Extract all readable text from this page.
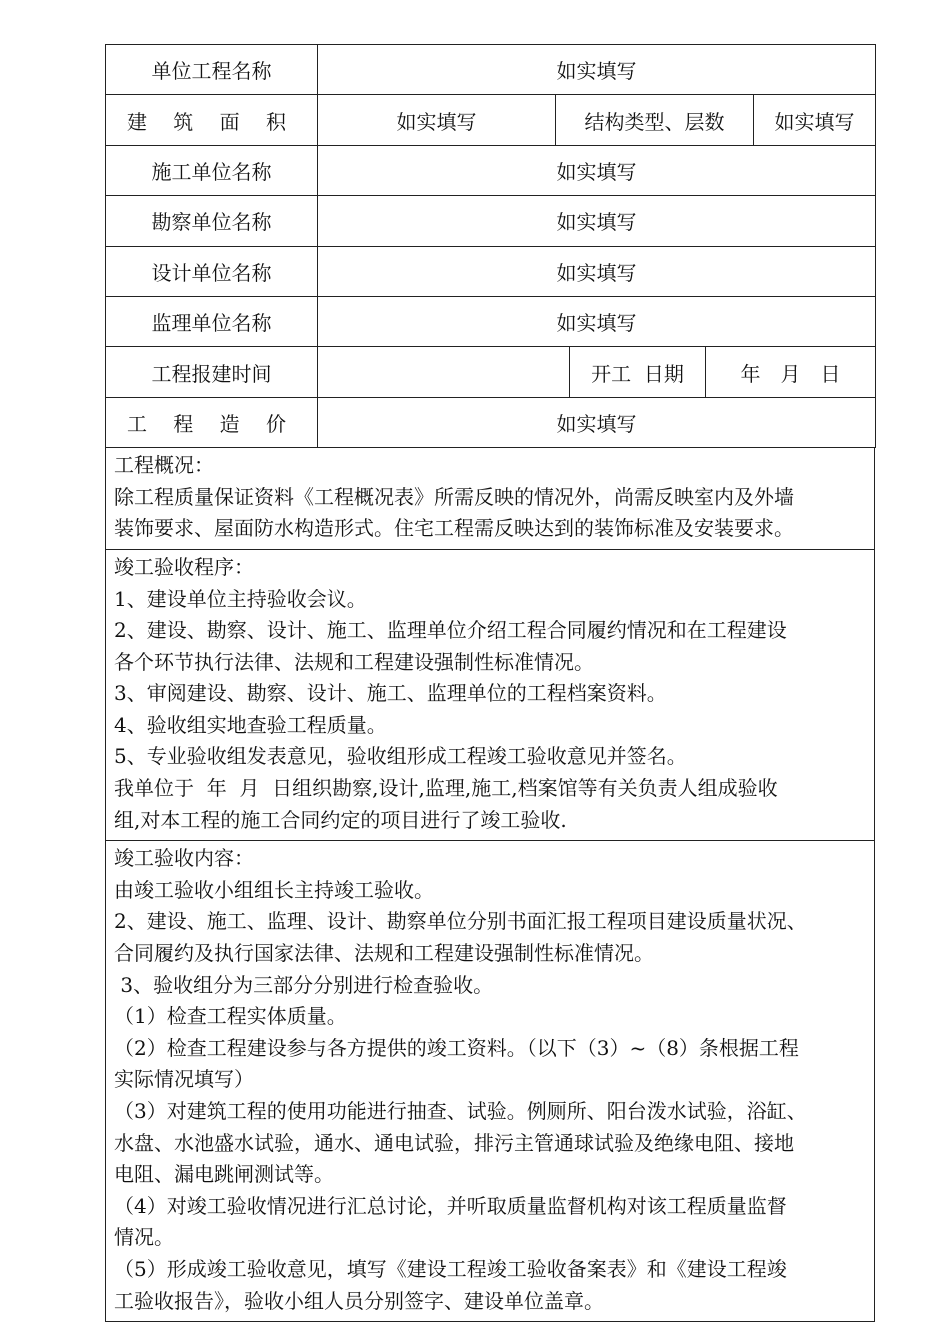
单位工程名称	如实填写				
建 筑 面 积	如实填写	结构类型、层数			如实填写
施工单位名称	如实填写				
勘察单位名称	如实填写				
设计单位名称	如实填写				
监理单位名称	如实填写				
工程报建时间			开工  日期	年 月 日	
工 程 造 价	如实填写				

工程概况：

除工程质量保证资料《工程概况表》所需反映的情况外，尚需反映室内及外墙

装饰要求、屋面防水构造形式。住宅工程需反映达到的装饰标准及安装要求。

竣工验收程序：

1、建设单位主持验收会议。

2、建设、勘察、设计、施工、监理单位介绍工程合同履约情况和在工程建设

各个环节执行法律、法规和工程建设强制性标准情况。

3、审阅建设、勘察、设计、施工、监理单位的工程档案资料。

4、验收组实地查验工程质量。

5、专业验收组发表意见，验收组形成工程竣工验收意见并签名。

我单位于  年  月  日组织勘察,设计,监理,施工,档案馆等有关负责人组成验收

组,对本工程的施工合同约定的项目进行了竣工验收.

竣工验收内容：

由竣工验收小组组长主持竣工验收。

2、建设、施工、监理、设计、勘察单位分别书面汇报工程项目建设质量状况、

合同履约及执行国家法律、法规和工程建设强制性标准情况。

3、验收组分为三部分分别进行检查验收。

（1）检查工程实体质量。

（2）检查工程建设参与各方提供的竣工资料。（以下（3）~（8）条根据工程

实际情况填写）

（3）对建筑工程的使用功能进行抽查、试验。例厕所、阳台泼水试验，浴缸、

水盘、水池盛水试验，通水、通电试验，排污主管通球试验及绝缘电阻、接地

电阻、漏电跳闸测试等。

（4）对竣工验收情况进行汇总讨论，并听取质量监督机构对该工程质量监督

情况。

（5）形成竣工验收意见，填写《建设工程竣工验收备案表》和《建设工程竣

工验收报告》，验收小组人员分别签字、建设单位盖章。
